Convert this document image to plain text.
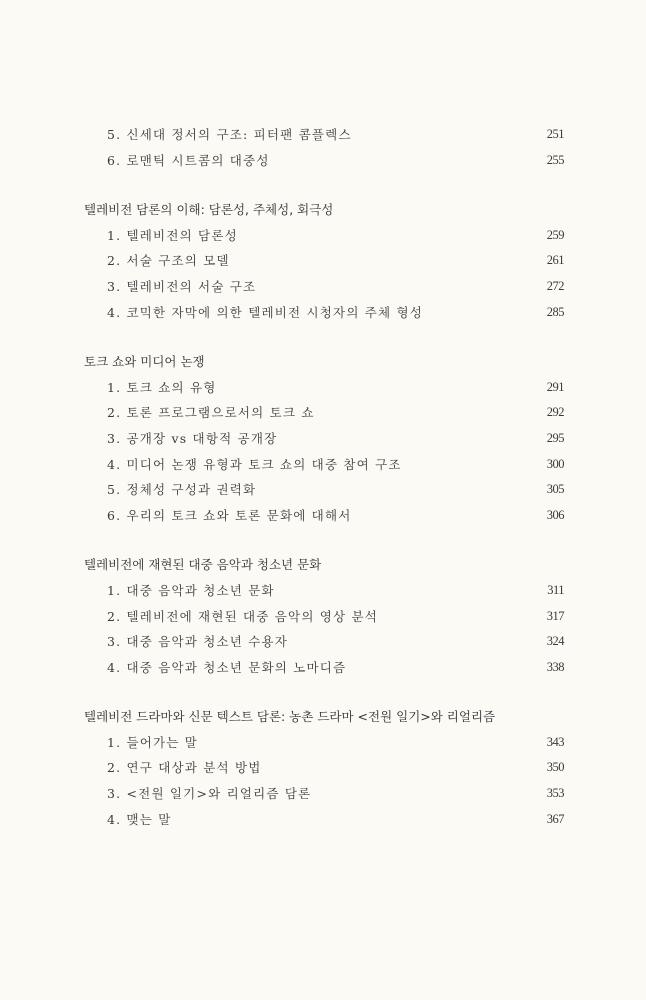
5. 신세대 정서의 구조: 피터팬 콤플렉스	251
6. 로맨틱 시트콤의 대중성	255
텔레비전 담론의 이해: 담론성, 주체성, 회극성
1. 텔레비전의 담론성	259
2. 서술 구조의 모델	261
3. 텔레비전의 서술 구조	272
4. 코믹한 자막에 의한 텔레비전 시청자의 주체 형성	285
토크 쇼와 미디어 논쟁
1. 토크 쇼의 유형	291
2. 토론 프로그램으로서의 토크 쇼	292
3. 공개장 vs 대항적 공개장	295
4. 미디어 논쟁 유형과 토크 쇼의 대중 참여 구조	300
5. 정체성 구성과 권력화	305
6. 우리의 토크 쇼와 토론 문화에 대해서	306
텔레비전에 재현된 대중 음악과 청소년 문화
1. 대중 음악과 청소년 문화	311
2. 텔레비전에 재현된 대중 음악의 영상 분석	317
3. 대중 음악과 청소년 수용자	324
4. 대중 음악과 청소년 문화의 노마디즘	338
텔레비전 드라마와 신문 텍스트 담론: 농촌 드라마 <전원 일기>와 리얼리즘
1. 들어가는 말	343
2. 연구 대상과 분석 방법	350
3. <전원 일기>와 리얼리즘 담론	353
4. 맺는 말	367
